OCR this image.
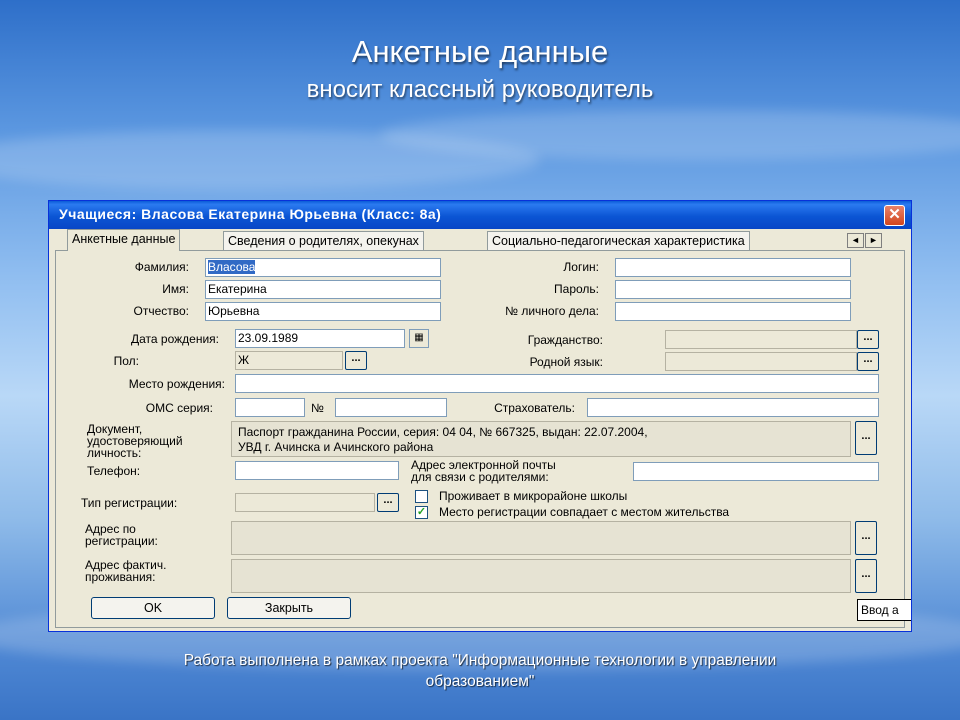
Анкетные данные
вносит классный руководитель
Учащиеся: Власова Екатерина Юрьевна (Класс: 8а)	✕
Анкетные данные	Сведения о родителях, опекунах	Социально-педагогическая характеристика	◄	►
Фамилия: Власова
Имя: Екатерина
Отчество: Юрьевна
Логин:
Пароль:
№ личного дела:
Дата рождения: 23.09.1989	▦	Гражданство:	...
Пол:	Ж	...	Родной язык:	...
Место рождения:
ОМС серия:	№	Страхователь:
Документ,
удостоверяющий
личность:
Паспорт гражданина России, серия: 04 04, № 667325, выдан: 22.07.2004,
УВД г. Ачинска и Ачинского района
...
Телефон:	Адрес электронной почты
для связи с родителями:
Тип регистрации:	...	Проживает в микрорайоне школы
✓ Место регистрации совпадает с местом жительства
Адрес по
регистрации:	...
Адрес фактич.
проживания:	...
OK	Закрыть	Ввод а
Работа выполнена в рамках проекта "Информационные технологии в управлении
образованием"
